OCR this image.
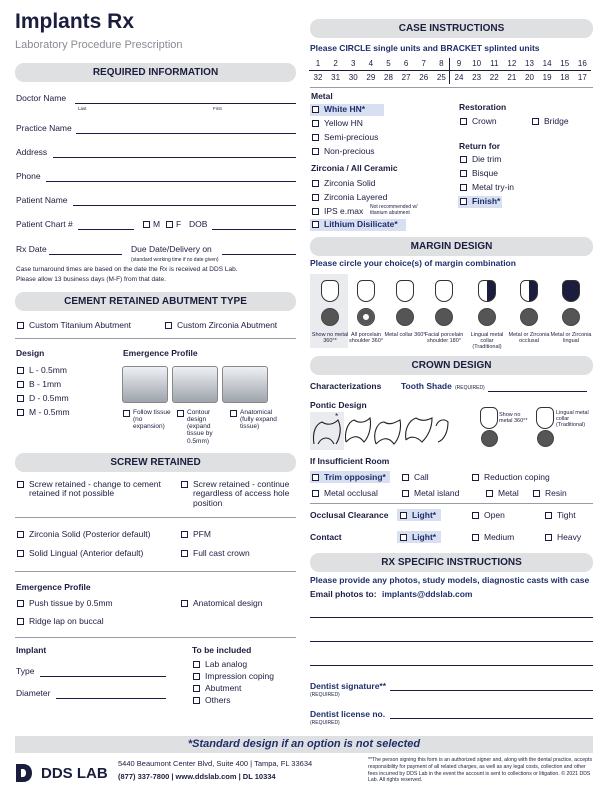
Implants Rx
Laboratory Procedure Prescription
REQUIRED INFORMATION
Doctor Name
Last	First
Practice Name
Address
Phone
Patient Name
Patient Chart #	M F DOB
Rx Date	Due Date/Delivery on
(standard working time if no date given)
Case turnaround times are based on the date the Rx is received at DDS Lab.
Please allow 13 business days (M-F) from that date.
CEMENT RETAINED ABUTMENT TYPE
Custom Titanium Abutment	Custom Zirconia Abutment
Design
L - 0.5mm
B - 1mm
D - 0.5mm
M - 0.5mm
Emergence Profile
Follow tissue (no expansion)
Contour design (expand tissue by 0.5mm)
Anatomical (fully expand tissue)
SCREW RETAINED
Screw retained - change to cement retained if not possible
Screw retained - continue regardless of access hole position
Zirconia Solid (Posterior default)	PFM
Solid Lingual (Anterior default)	Full cast crown
Emergence Profile
Push tissue by 0.5mm	Anatomical design
Ridge lap on buccal
Implant
Type
Diameter
To be included
Lab analog
Impression coping
Abutment
Others
CASE INSTRUCTIONS
Please CIRCLE single units and BRACKET splinted units
1	2	3	4	5	6	7	8	9	10	11	12	13	14	15	16
32	31	30	29	28	27	26	25	24	23	22	21	20	19	18	17
Metal
White HN*
Yellow HN
Semi-precious
Non-precious
Zirconia / All Ceramic
Zirconia Solid
Zirconia Layered
IPS e.max Not recommended w/ titanium abutment
Lithium Disilicate*
Restoration
Crown	Bridge
Return for
Die trim
Bisque
Metal try-in
Finish*
MARGIN DESIGN
Please circle your choice(s) of margin combination
Show no metal 360°*
All porcelain shoulder 360°
Metal collar 360° Facial porcelain shoulder 180°
Lingual metal collar (Traditional)
Metal or Zirconia occlusal
Metal or Zirconia lingual
CROWN DESIGN
Characterizations Tooth Shade (REQUIRED)
Pontic Design
*	Show no metal 360°*
Lingual metal collar (Traditional)
If Insufficient Room
Trim opposing*	Call	Reduction coping
Metal occlusal	Metal island	Metal	Resin
Occlusal Clearance	Light*	Open	Tight
Contact	Light*	Medium	Heavy
RX SPECIFIC INSTRUCTIONS
Please provide any photos, study models, diagnostic casts with case
Email photos to: implants@ddslab.com
Dentist signature**
(REQUIRED)
Dentist license no.
(REQUIRED)
*Standard design if an option is not selected
DDS LAB
5440 Beaumont Center Blvd, Suite 400 | Tampa, FL 33634
(877) 337-7800 | www.ddslab.com | DL 10334
**The person signing this form is an authorized signer and, along with the dental practice, accepts responsibility for payment of all related charges, as well as any legal costs, collection and other fees incurred by DDS Lab in the event the account is sent to collections or litigation. © 2021 DDS Lab. All rights reserved.
